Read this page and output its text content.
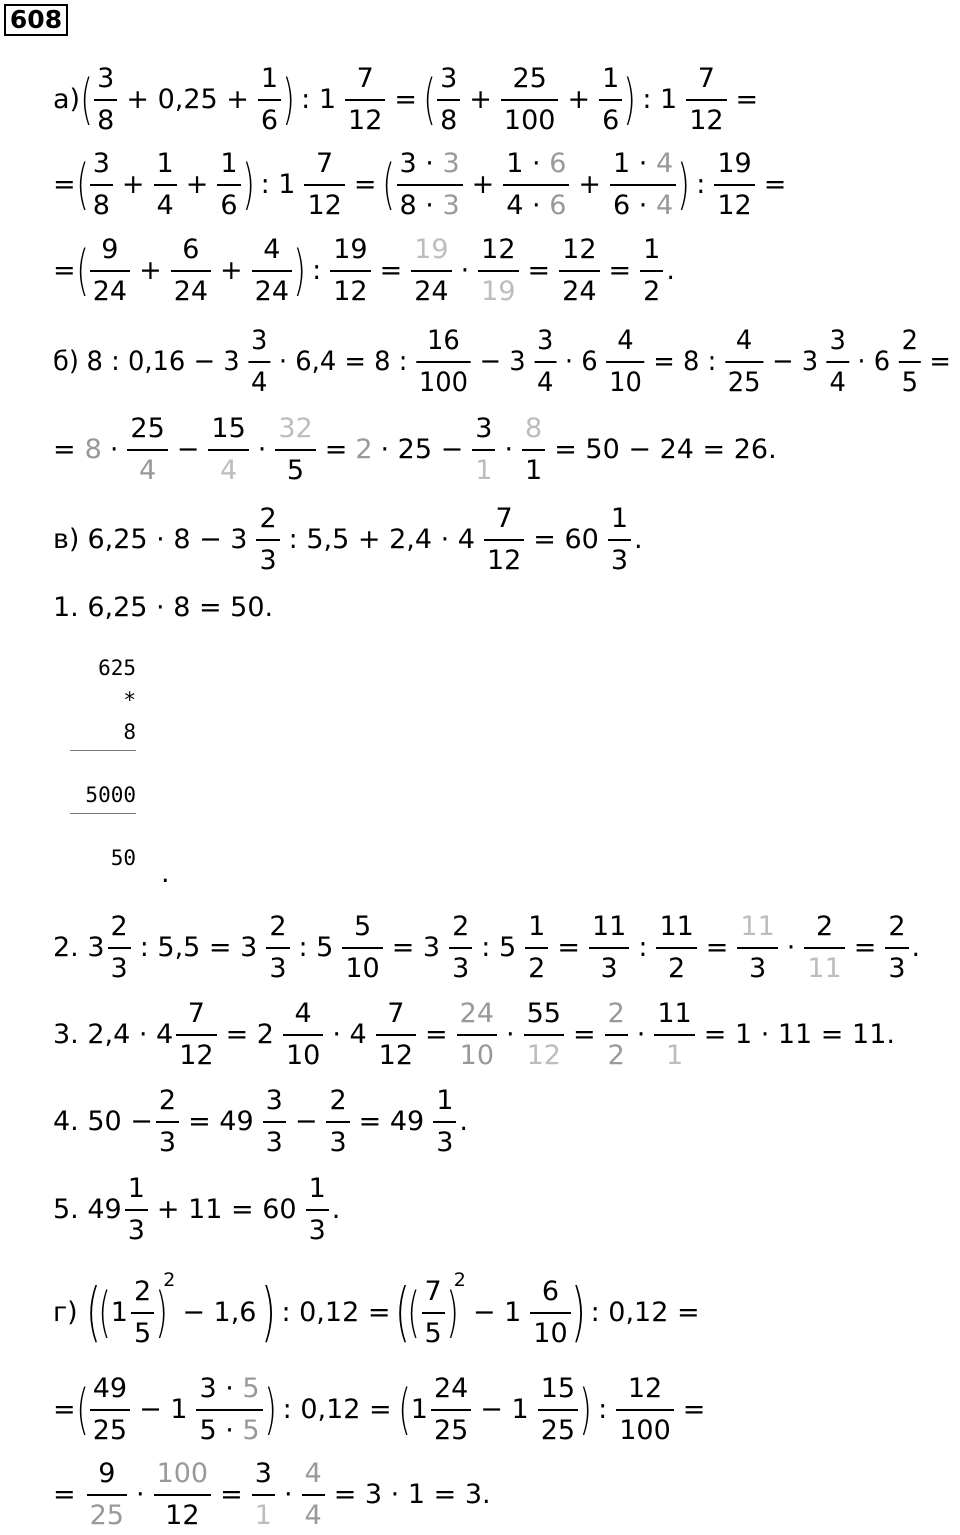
608
а) ( 3
8
+ 0,25 +
1
6 ) : 1
7
12
= ( 3
8
+
25
100
+
1
6 ) : 1
7
12
=
= ( 3
8
+
1
4
+
1
6 ) : 1
7
12
= ( 3 · 3
8 · 3
+
1 · 6
4 · 6
+
1 · 4
6 · 4 ) :
19
12
=
= ( 9
24
+
6
24
+
4
24 ) :
19
12
=
19
24
·
12
19
=
12
24
=
1
2
.
б) 8 : 0,16 − 3
3
4
· 6,4 = 8 :
16
100
− 3
3
4
· 6
4
10
= 8 :
4
25
− 3
3
4
· 6
2
5
=
= 8 ·
25
4
−
15
4
·
32
5
= 2 · 25 −
3
1
·
8
1
= 50 − 24 = 26.
в) 6,25 · 8 − 3
2
3
: 5,5 + 2,4 · 4
7
12
= 60
1
3
.
1. 6,25 · 8 = 50.
625
*
8
5000
50 .
2. 3
2
3
: 5,5 = 3
2
3
: 5
5
10
= 3
2
3
: 5
1
2
=
11
3
:
11
2
=
11
3
·
2
11
=
2
3
.
3. 2,4 · 4
7
12
= 2
4
10
· 4
7
12
=
24
10
·
55
12
=
2
2
·
11
1
= 1 · 11 = 11.
4. 50 −
2
3
= 49
3
3
−
2
3
= 49
1
3
.
5. 49
1
3
+ 11 = 60
1
3
.
г) (
( 1
2
5 )
2
− 1,6 ) : 0,12 = (
( 7
5 )
2
− 1
6
10 ) : 0,12 =
= ( 49
25
− 1
3 · 5
5 · 5 ) : 0,12 = ( 1
24
25
− 1
15
25 ) :
12
100
=
=
9
25
·
100
12
=
3
1
·
4
4
= 3 · 1 = 3.
